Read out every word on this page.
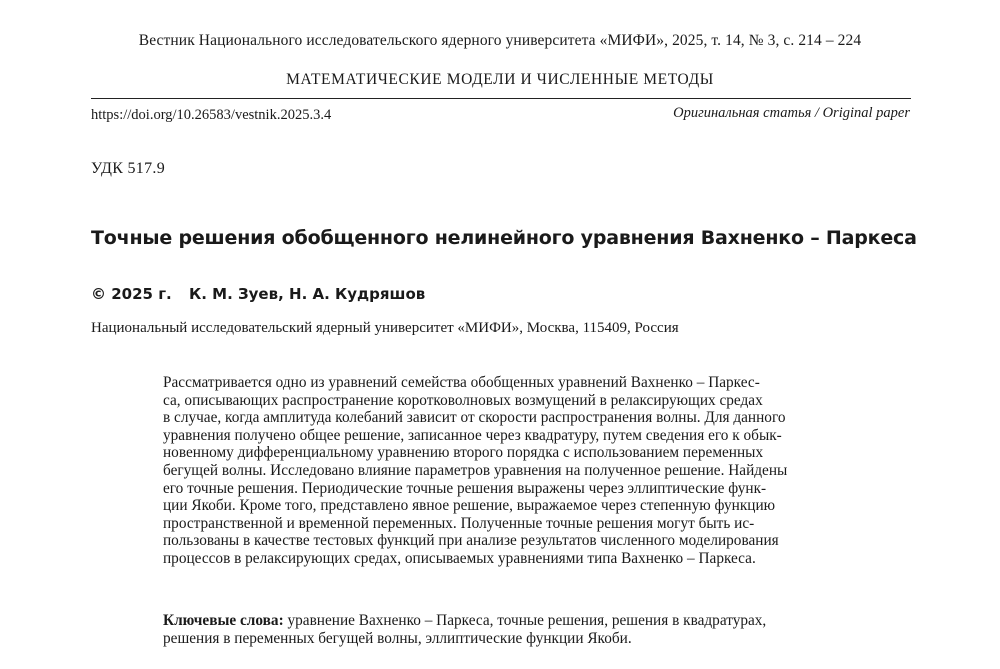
Вестник Национального исследовательского ядерного университета «МИФИ», 2025, т. 14, № 3, с. 214 – 224
МАТЕМАТИЧЕСКИЕ МОДЕЛИ И ЧИСЛЕННЫЕ МЕТОДЫ
https://doi.org/10.26583/vestnik.2025.3.4	Оригинальная статья / Original paper
УДК 517.9
Точные решения обобщенного нелинейного уравнения Вахненко – Паркеса
© 2025 г. К. М. Зуев, Н. А. Кудряшов
Национальный исследовательский ядерный университет «МИФИ», Москва, 115409, Россия
Рассматривается одно из уравнений семейства обобщенных уравнений Вахненко – Паркес-
са, описывающих распространение коротковолновых возмущений в релаксирующих средах
в случае, когда амплитуда колебаний зависит от скорости распространения волны. Для данного
уравнения получено общее решение, записанное через квадратуру, путем сведения его к обык-
новенному дифференциальному уравнению второго порядка с использованием переменных
бегущей волны. Исследовано влияние параметров уравнения на полученное решение. Найдены
его точные решения. Периодические точные решения выражены через эллиптические функ-
ции Якоби. Кроме того, представлено явное решение, выражаемое через степенную функцию
пространственной и временной переменных. Полученные точные решения могут быть ис-
пользованы в качестве тестовых функций при анализе результатов численного моделирования
процессов в релаксирующих средах, описываемых уравнениями типа Вахненко – Паркеса.
Ключевые слова: уравнение Вахненко – Паркеса, точные решения, решения в квадратурах,
решения в переменных бегущей волны, эллиптические функции Якоби.
